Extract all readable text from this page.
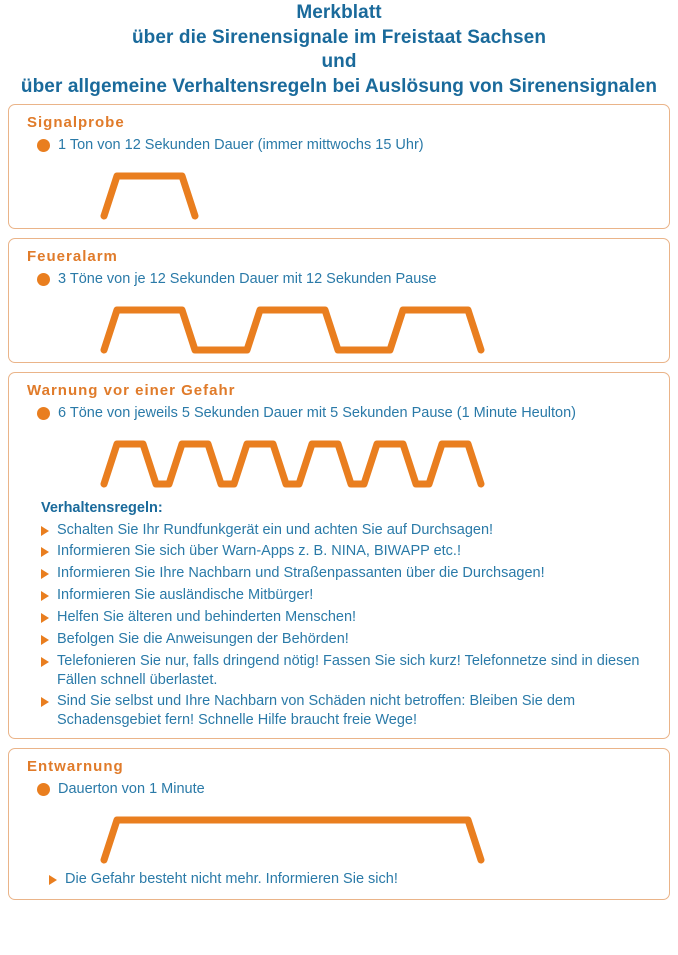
Merkblatt
über die Sirenensignale im Freistaat Sachsen
und
über allgemeine Verhaltensregeln bei Auslösung von Sirenensignalen
Signalprobe
1 Ton von 12 Sekunden Dauer (immer mittwochs 15 Uhr)
Feueralarm
3 Töne von je 12 Sekunden Dauer mit 12 Sekunden Pause
Warnung vor einer Gefahr
6 Töne von jeweils 5 Sekunden Dauer mit 5 Sekunden Pause (1 Minute Heulton)
Verhaltensregeln:
Schalten Sie Ihr Rundfunkgerät ein und achten Sie auf Durchsagen!
Informieren Sie sich über Warn-Apps z. B. NINA, BIWAPP etc.!
Informieren Sie Ihre Nachbarn und Straßenpassanten über die Durchsagen!
Informieren Sie ausländische Mitbürger!
Helfen Sie älteren und behinderten Menschen!
Befolgen Sie die Anweisungen der Behörden!
Telefonieren Sie nur, falls dringend nötig! Fassen Sie sich kurz! Telefonnetze sind in diesen Fällen schnell überlastet.
Sind Sie selbst und Ihre Nachbarn von Schäden nicht betroffen: Bleiben Sie dem Schadensgebiet fern! Schnelle Hilfe braucht freie Wege!
Entwarnung
Dauerton von 1 Minute
Die Gefahr besteht nicht mehr. Informieren Sie sich!
